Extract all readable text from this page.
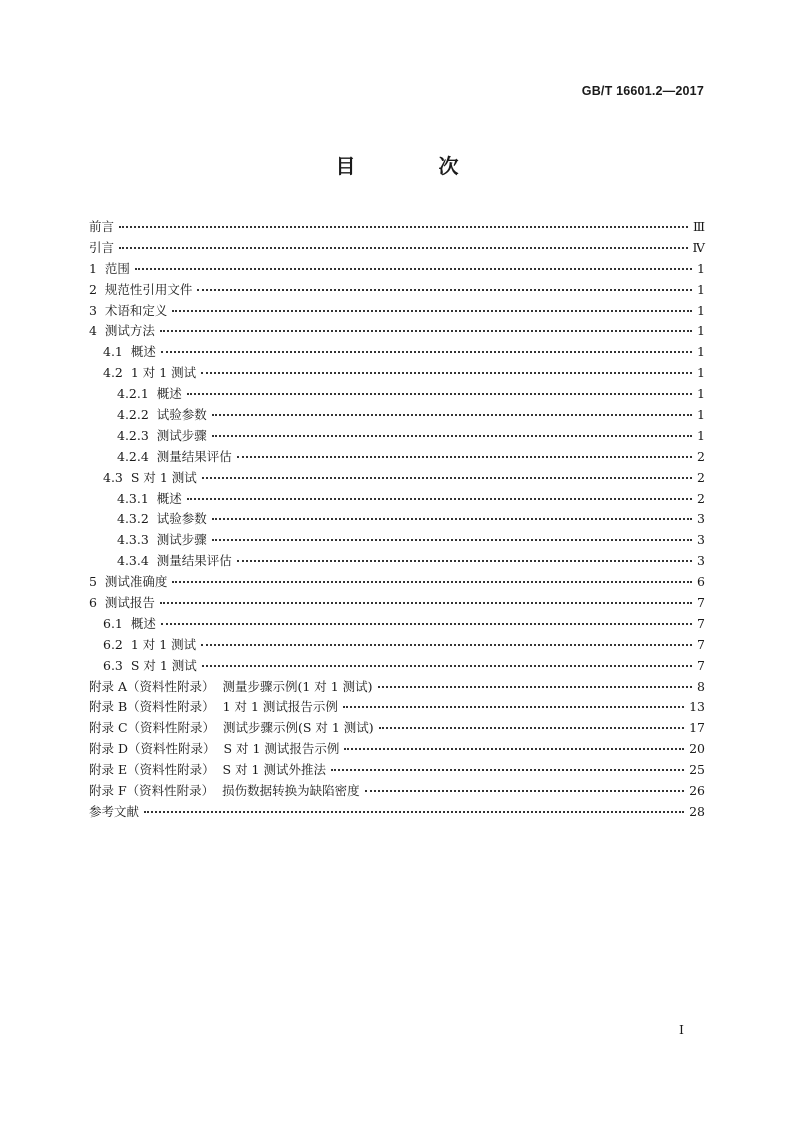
GB/T 16601.2—2017
目 次
前言	Ⅲ
引言	Ⅳ
1  范围	1
2  规范性引用文件	1
3  术语和定义	1
4  测试方法	1
4.1  概述	1
4.2  1 对 1 测试	1
4.2.1  概述	1
4.2.2  试验参数	1
4.2.3  测试步骤	1
4.2.4  测量结果评估	2
4.3  S 对 1 测试	2
4.3.1  概述	2
4.3.2  试验参数	3
4.3.3  测试步骤	3
4.3.4  测量结果评估	3
5  测试准确度	6
6  测试报告	7
6.1  概述	7
6.2  1 对 1 测试	7
6.3  S 对 1 测试	7
附录 A（资料性附录）  测量步骤示例(1 对 1 测试)	8
附录 B（资料性附录）  1 对 1 测试报告示例	13
附录 C（资料性附录）  测试步骤示例(S 对 1 测试)	17
附录 D（资料性附录）  S 对 1 测试报告示例	20
附录 E（资料性附录）  S 对 1 测试外推法	25
附录 F（资料性附录）  损伤数据转换为缺陷密度	26
参考文献	28
I
